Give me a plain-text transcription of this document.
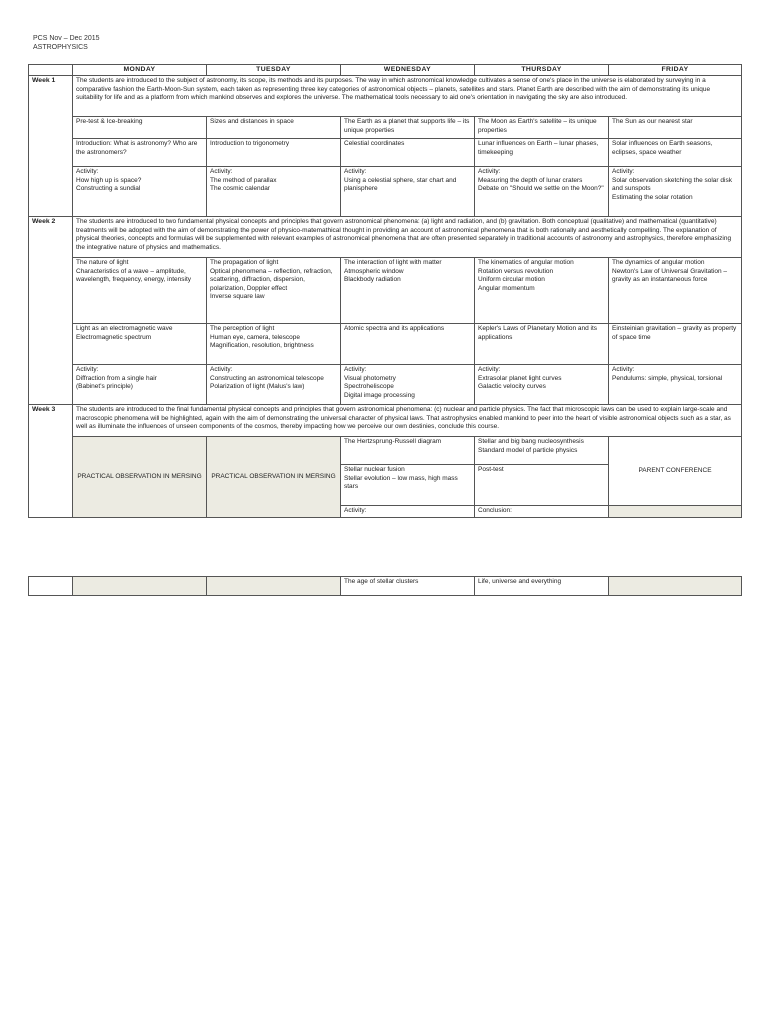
PCS Nov – Dec 2015
ASTROPHYSICS
	MONDAY	TUESDAY	WEDNESDAY	THURSDAY	FRIDAY
Week 1	The students are introduced to the subject of astronomy, its scope, its methods and its purposes. The way in which astronomical knowledge cultivates a sense of one's place in the universe is elaborated by surveying in a comparative fashion the Earth-Moon-Sun system, each taken as representing three key categories of astronomical objects – planets, satellites and stars. Planet Earth are described with the aim of demonstrating its unique suitability for life and as a platform from which mankind observes and explores the universe. The mathematical tools necessary to aid one's orientation in navigating the sky are also introduced.				

	Pre-test & Ice-breaking	Sizes and distances in space	The Earth as a planet that supports life – its unique properties	The Moon as Earth's satellite – its unique properties	The Sun as our nearest star

	Introduction: What is astronomy? Who are the astronomers?	Introduction to trigonometry	Celestial coordinates	Lunar influences on Earth – lunar phases, timekeeping	Solar influences on Earth seasons, eclipses, space weather

	Activity:
How high up is space?
Constructing a sundial	Activity:
The method of parallax
The cosmic calendar	Activity:
Using a celestial sphere, star chart and planisphere	Activity:
Measuring the depth of lunar craters
Debate on "Should we settle on the Moon?"	Activity:
Solar observation sketching the solar disk and sunspots
Estimating the solar rotation

Week 2	The students are introduced to two fundamental physical concepts and principles that govern astronomical phenomena: (a) light and radiation, and (b) gravitation. Both conceptual (qualitative) and mathematical (quantitative) treatments will be adopted with the aim of demonstrating the power of physico-matemathical thought in providing an account of astronomical phenomena that is both rationally and aesthetically compelling. The explanation of physical theories, concepts and formulas will be supplemented with relevant examples of astronomical phenomena that are often presented separately in traditional accounts of astronomy and astrophysics, therefore emphasizing the integrative nature of physics and mathematics.				

	The nature of light
Characteristics of a wave – amplitude, wavelength, frequency, energy, intensity	The propagation of light
Optical phenomena – reflection, refraction, scattering, diffraction, dispersion, polarization, Doppler effect
Inverse square law	The interaction of light with matter
Atmospheric window
Blackbody radiation	The kinematics of angular motion
Rotation versus revolution
Uniform circular motion
Angular momentum	The dynamics of angular motion
Newton's Law of Universal Gravitation – gravity as an instantaneous force

	Light as an electromagnetic wave
Electromagnetic spectrum	The perception of light
Human eye, camera, telescope
Magnification, resolution, brightness	Atomic spectra and its applications	Kepler's Laws of Planetary Motion and its applications	Einsteinian gravitation – gravity as property of space time

	Activity:
Diffraction from a single hair
(Babinet's principle)	Activity:
Constructing an astronomical telescope
Polarization of light (Malus's law)	Activity:
Visual photometry
Spectroheliscope
Digital image processing	Activity:
Extrasolar planet light curves
Galactic velocity curves	Activity:
Pendulums: simple, physical, torsional

Week 3	The students are introduced to the final fundamental physical concepts and principles that govern astronomical phenomena: (c) nuclear and particle physics. The fact that microscopic laws can be used to explain large-scale and macroscopic phenomena will be highlighted, again with the aim of demonstrating the universal character of physical laws. That astrophysics enabled mankind to peer into the heart of visible astronomical objects such as a star, as well as illuminate the influences of unseen components of the cosmos, thereby impacting how we perceive our own destinies, conclude this course.				
	PRACTICAL OBSERVATION IN MERSING	PRACTICAL OBSERVATION IN MERSING	The Hertzsprung-Russell diagram	Stellar and big bang nucleosynthesis
Standard model of particle physics	PARENT CONFERENCE

			Stellar nuclear fusion
Stellar evolution – low mass, high mass stars	Post-test	

			Activity:	Conclusion:	

			The age of stellar clusters	Life, universe and everything	
